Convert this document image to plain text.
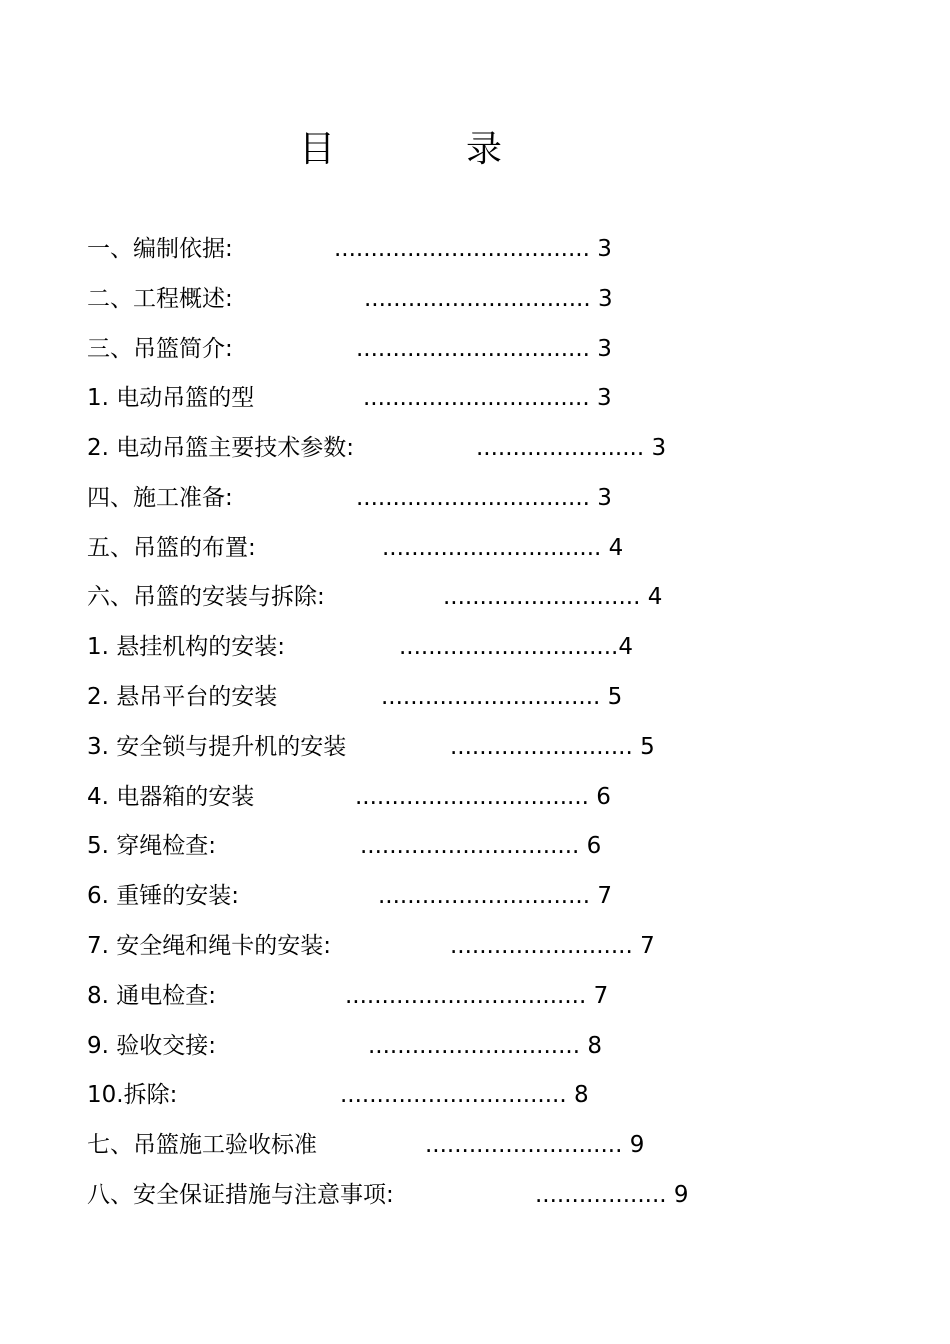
目	录
一、编制依据:	................................... 3
二、工程概述:	............................... 3
三、吊篮简介:	................................ 3
1. 电动吊篮的型	............................... 3
2. 电动吊篮主要技术参数:	....................... 3
四、施工准备:	................................ 3
五、吊篮的布置:	.............................. 4
六、吊篮的安装与拆除:	........................... 4
1. 悬挂机构的安装:	..............................4
2. 悬吊平台的安装	.............................. 5
3. 安全锁与提升机的安装	......................... 5
4. 电器箱的安装	................................ 6
5. 穿绳检查:	.............................. 6
6. 重锤的安装:	............................. 7
7. 安全绳和绳卡的安装:	......................... 7
8. 通电检查:	................................. 7
9. 验收交接:	............................. 8
10.拆除:	............................... 8
七、吊篮施工验收标准	........................... 9
八、安全保证措施与注意事项:	.................. 9
